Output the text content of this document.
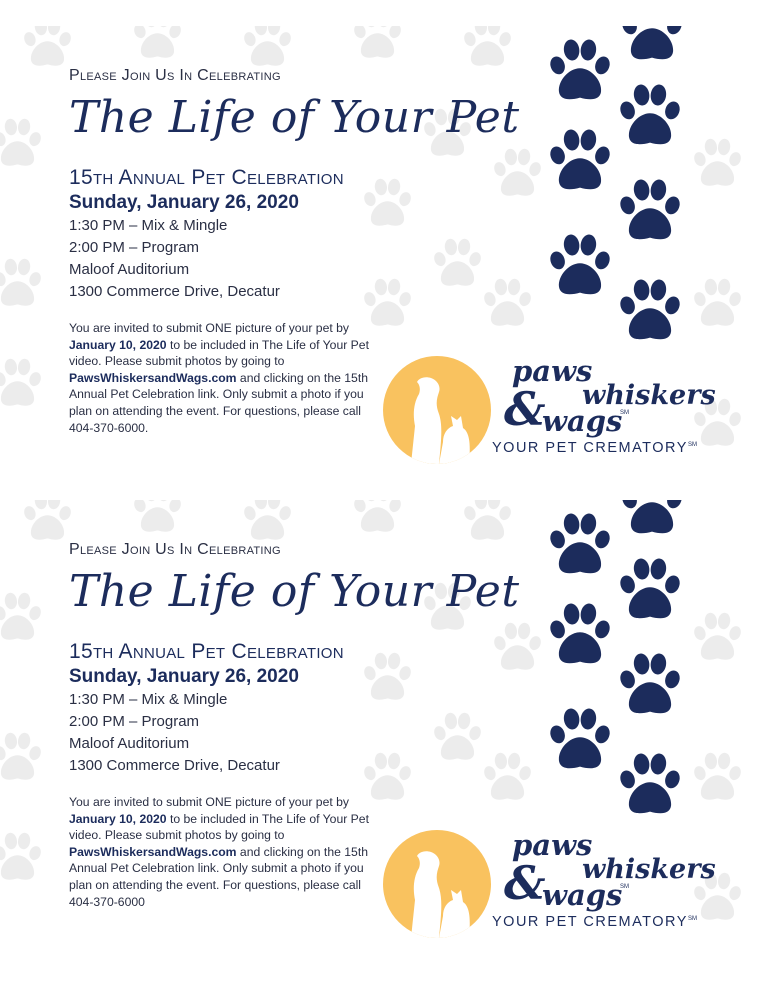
Please Join Us In Celebrating
The Life of Your Pet
15th Annual Pet Celebration
Sunday, January 26, 2020
1:30 PM – Mix & Mingle
2:00 PM – Program
Maloof Auditorium
1300 Commerce Drive, Decatur
You are invited to submit ONE picture of your pet by January 10, 2020 to be included in The Life of Your Pet video. Please submit photos by going to PawsWhiskersandWags.com and clicking on the 15th Annual Pet Celebration link. Only submit a photo if you plan on attending the event. For questions, please call 404-370-6000.
paws
& whiskers
wags
SM
YOUR PET CREMATORY℠
Please Join Us In Celebrating
The Life of Your Pet
15th Annual Pet Celebration
Sunday, January 26, 2020
1:30 PM – Mix & Mingle
2:00 PM – Program
Maloof Auditorium
1300 Commerce Drive, Decatur
You are invited to submit ONE picture of your pet by January 10, 2020 to be included in The Life of Your Pet video. Please submit photos by going to PawsWhiskersandWags.com and clicking on the 15th Annual Pet Celebration link. Only submit a photo if you plan on attending the event. For questions, please call 404-370-6000
paws
& whiskers
wags
SM
YOUR PET CREMATORY℠
